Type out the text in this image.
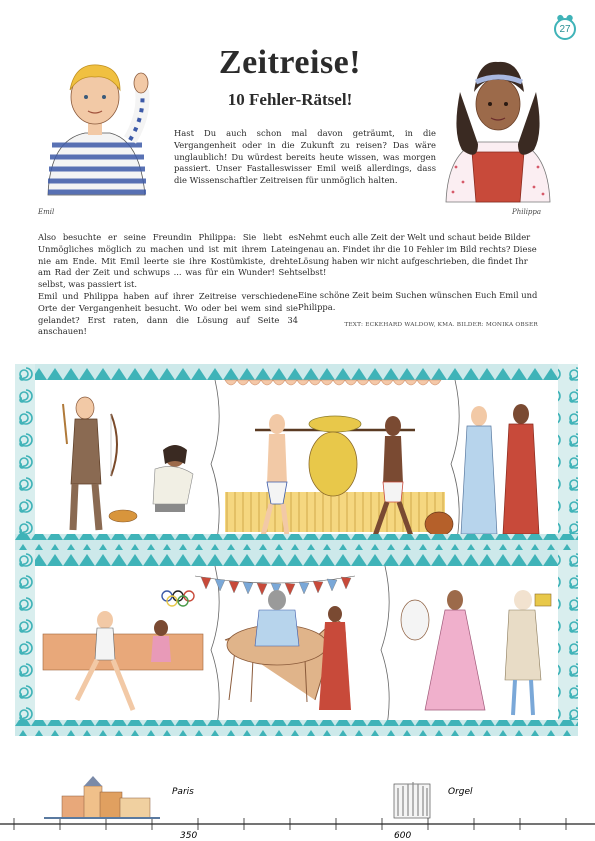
27
Emil	Philippa
Zeitreise!
10 Fehler-Rätsel!
Hast Du auch schon mal davon geträumt, in die Vergangenheit oder in die Zukunft zu reisen? Das wäre unglaublich! Du würdest bereits heute wissen, was morgen passiert. Unser Fastalleswisser Emil weiß allerdings, dass die Wissenschaftler Zeitreisen für unmöglich halten.

Also besuchte er seine Freundin Philippa: Sie liebt es Unmögliches möglich zu machen und ist mit ihrem Latein nie am Ende. Mit Emil leerte sie ihre Kostümkiste, drehte am Rad der Zeit und schwups ... was für ein Wunder! Seht selbst, was passiert ist.

Emil und Philippa haben auf ihrer Zeitreise verschiedene Orte der Vergangenheit besucht. Wo oder bei wem sind sie gelandet? Erst raten, dann die Lösung auf Seite 34 anschauen!

Nehmt euch alle Zeit der Welt und schaut beide Bilder genau an. Findet ihr die 10 Fehler im Bild rechts? Diese Lösung haben wir nicht aufgeschrieben, die findet Ihr selbst!

Eine schöne Zeit beim Suchen wünschen Euch Emil und Philippa.

TEXT: ECKEHARD WALDOW, KMA. BILDER: MONIKA OBSER
Paris
350
Orgel
600
